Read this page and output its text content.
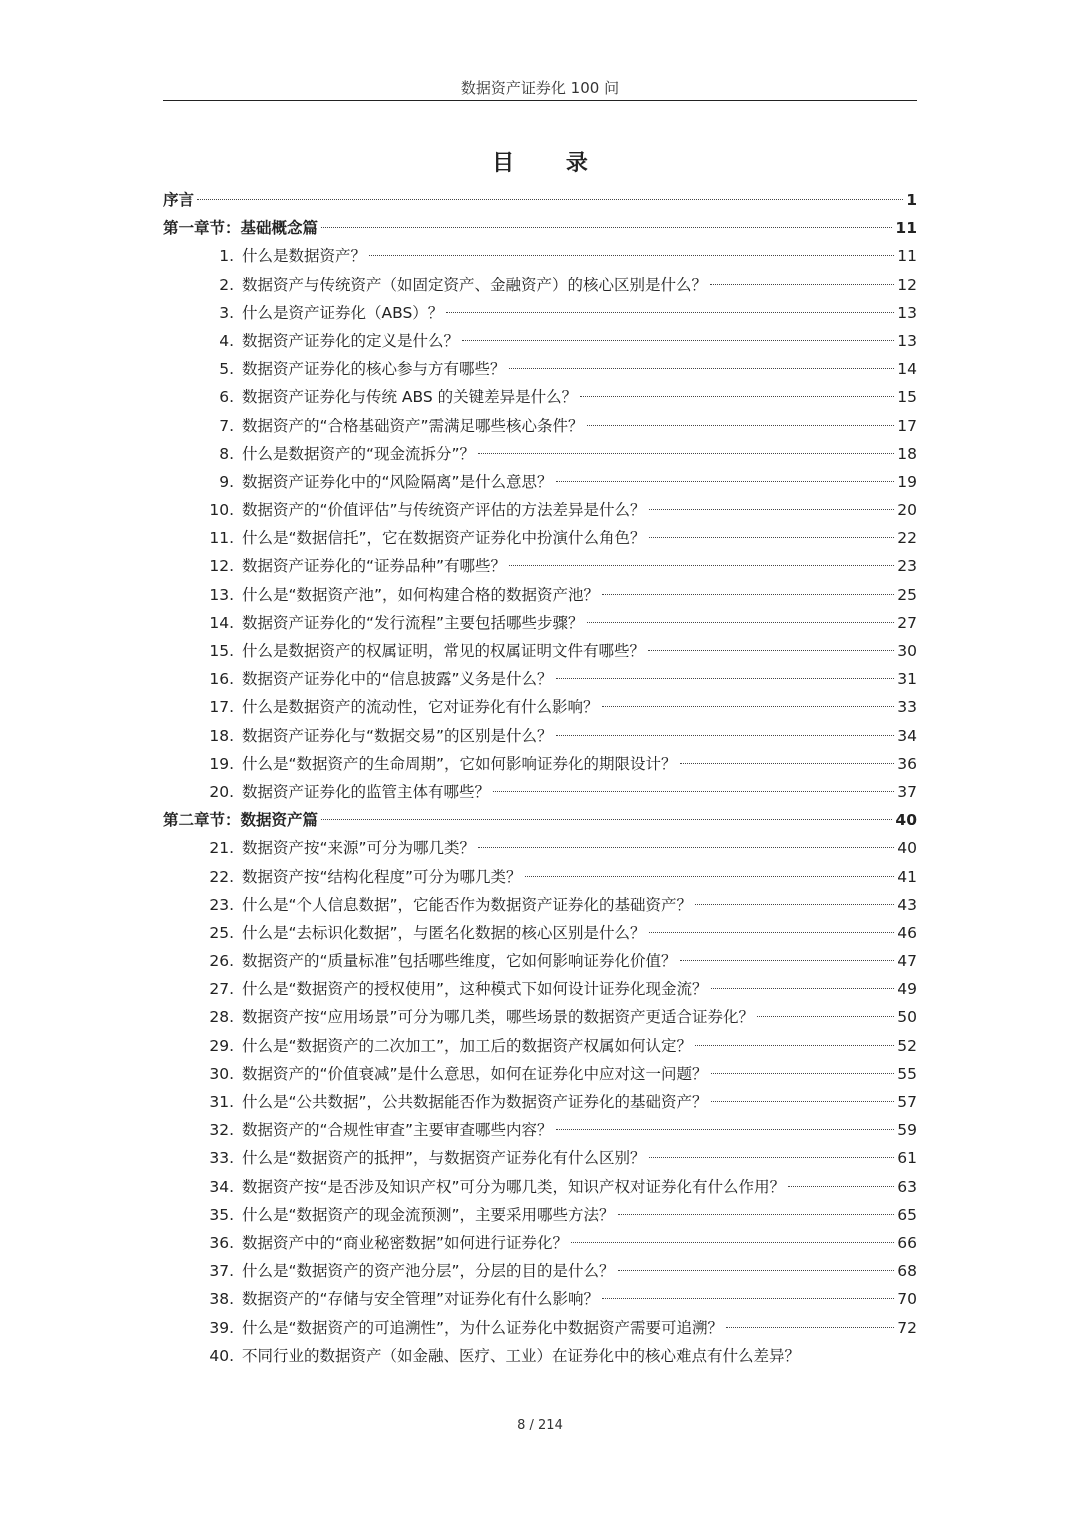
数据资产证券化 100 问
目 录
序言	1
第一章节：基础概念篇	11
1. 什么是数据资产？	11
2. 数据资产与传统资产（如固定资产、金融资产）的核心区别是什么？	12
3. 什么是资产证券化（ABS）？	13
4. 数据资产证券化的定义是什么？	13
5. 数据资产证券化的核心参与方有哪些？	14
6. 数据资产证券化与传统 ABS 的关键差异是什么？	15
7. 数据资产的“合格基础资产”需满足哪些核心条件？	17
8. 什么是数据资产的“现金流拆分”？	18
9. 数据资产证券化中的“风险隔离”是什么意思？	19
10. 数据资产的“价值评估”与传统资产评估的方法差异是什么？	20
11. 什么是“数据信托”，它在数据资产证券化中扮演什么角色？	22
12. 数据资产证券化的“证券品种”有哪些？	23
13. 什么是“数据资产池”，如何构建合格的数据资产池？	25
14. 数据资产证券化的“发行流程”主要包括哪些步骤？	27
15. 什么是数据资产的权属证明，常见的权属证明文件有哪些？	30
16. 数据资产证券化中的“信息披露”义务是什么？	31
17. 什么是数据资产的流动性，它对证券化有什么影响？	33
18. 数据资产证券化与“数据交易”的区别是什么？	34
19. 什么是“数据资产的生命周期”，它如何影响证券化的期限设计？	36
20. 数据资产证券化的监管主体有哪些？	37
第二章节：数据资产篇	40
21. 数据资产按“来源”可分为哪几类？	40
22. 数据资产按“结构化程度”可分为哪几类？	41
23. 什么是“个人信息数据”，它能否作为数据资产证券化的基础资产？	43
25. 什么是“去标识化数据”，与匿名化数据的核心区别是什么？	46
26. 数据资产的“质量标准”包括哪些维度，它如何影响证券化价值？	47
27. 什么是“数据资产的授权使用”，这种模式下如何设计证券化现金流？	49
28. 数据资产按“应用场景”可分为哪几类，哪些场景的数据资产更适合证券化？	50
29. 什么是“数据资产的二次加工”，加工后的数据资产权属如何认定？	52
30. 数据资产的“价值衰减”是什么意思，如何在证券化中应对这一问题？	55
31. 什么是“公共数据”，公共数据能否作为数据资产证券化的基础资产？	57
32. 数据资产的“合规性审查”主要审查哪些内容？	59
33. 什么是“数据资产的抵押”，与数据资产证券化有什么区别？	61
34. 数据资产按“是否涉及知识产权”可分为哪几类，知识产权对证券化有什么作用？	63
35. 什么是“数据资产的现金流预测”，主要采用哪些方法？	65
36. 数据资产中的“商业秘密数据”如何进行证券化？	66
37. 什么是“数据资产的资产池分层”，分层的目的是什么？	68
38. 数据资产的“存储与安全管理”对证券化有什么影响？	70
39. 什么是“数据资产的可追溯性”，为什么证券化中数据资产需要可追溯？	72
40. 不同行业的数据资产（如金融、医疗、工业）在证券化中的核心难点有什么差异？
8 / 214
